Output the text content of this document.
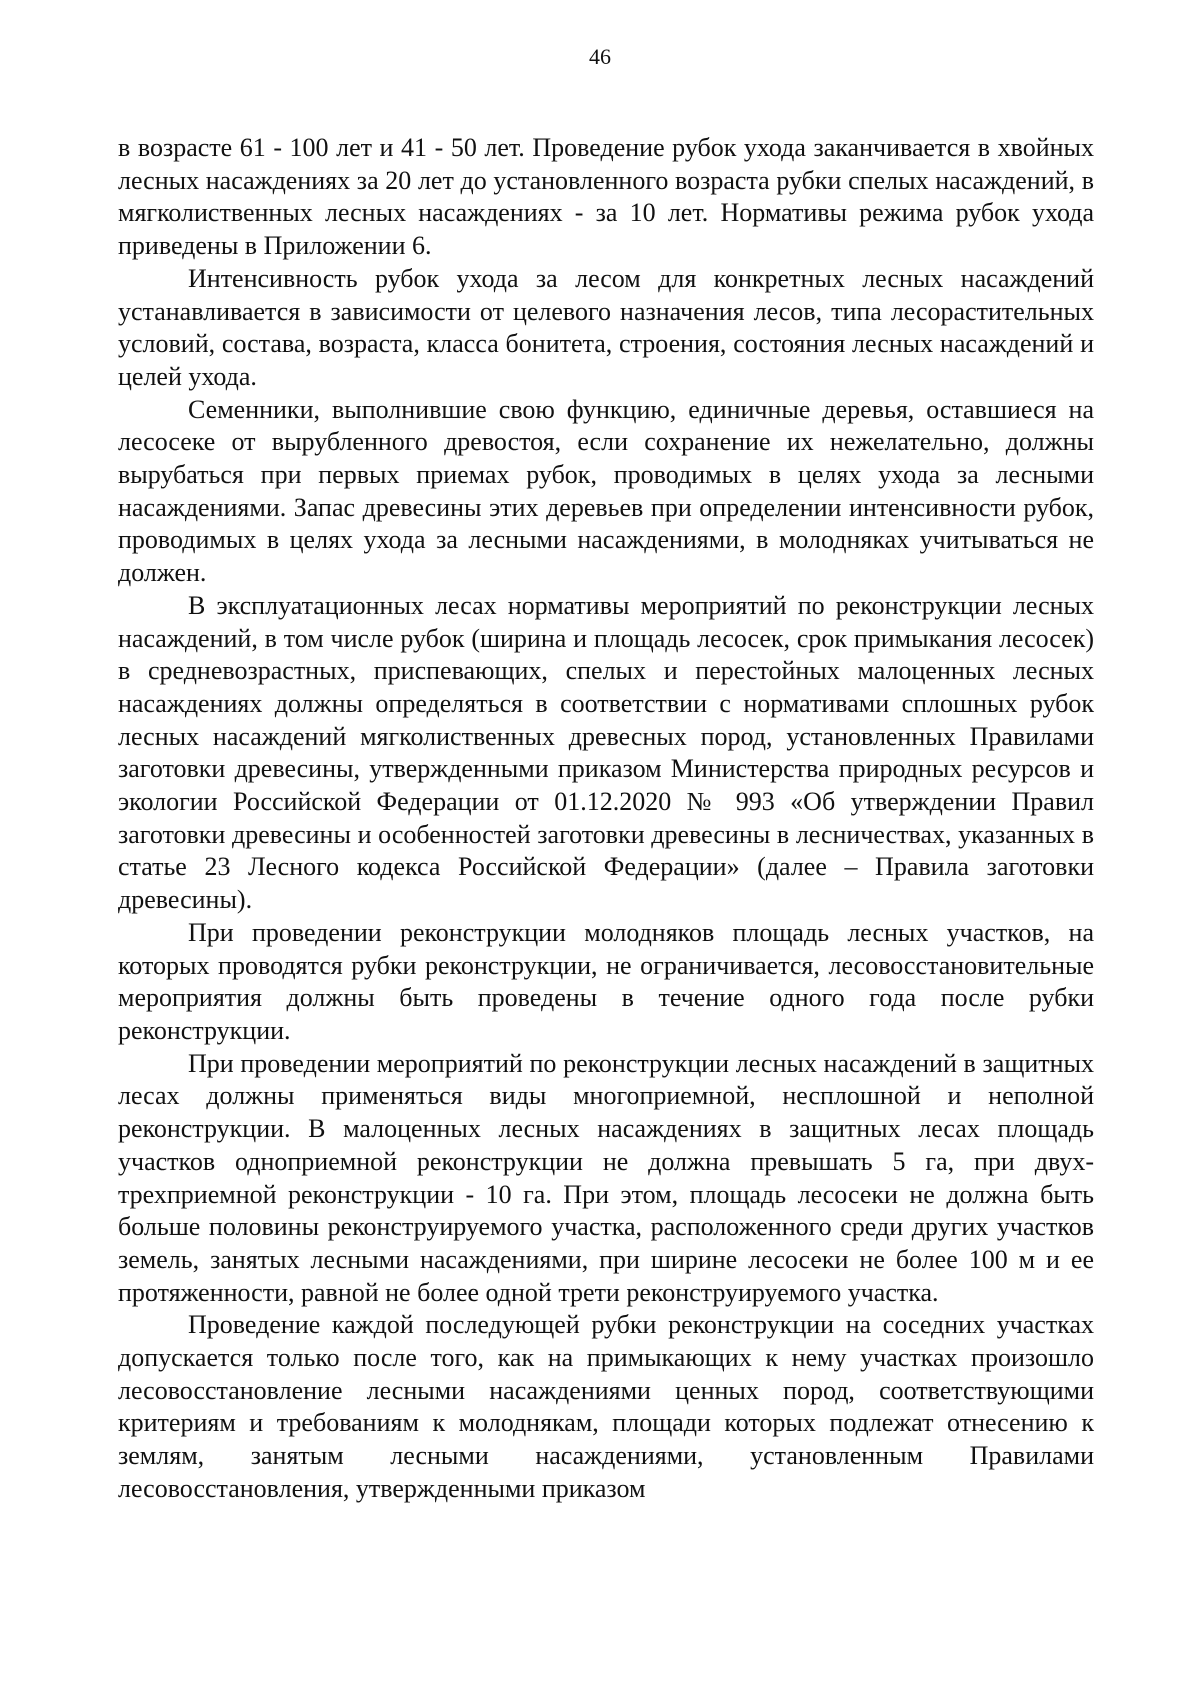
46

в возрасте 61 - 100 лет и 41 - 50 лет. Проведение рубок ухода заканчивается в хвойных лесных насаждениях за 20 лет до установленного возраста рубки спелых насаждений, в мягколиственных лесных насаждениях - за 10 лет. Нормативы режима рубок ухода приведены в Приложении 6.

Интенсивность рубок ухода за лесом для конкретных лесных насаждений устанавливается в зависимости от целевого назначения лесов, типа лесорастительных условий, состава, возраста, класса бонитета, строения, состояния лесных насаждений и целей ухода.

Семенники, выполнившие свою функцию, единичные деревья, оставшиеся на лесосеке от вырубленного древостоя, если сохранение их нежелательно, должны вырубаться при первых приемах рубок, проводимых в целях ухода за лесными насаждениями. Запас древесины этих деревьев при определении интенсивности рубок, проводимых в целях ухода за лесными насаждениями, в молодняках учитываться не должен.

В эксплуатационных лесах нормативы мероприятий по реконструкции лесных насаждений, в том числе рубок (ширина и площадь лесосек, срок примыкания лесосек) в средневозрастных, приспевающих, спелых и перестойных малоценных лесных насаждениях должны определяться в соответствии с нормативами сплошных рубок лесных насаждений мягколиственных древесных пород, установленных Правилами заготовки древесины, утвержденными приказом Министерства природных ресурсов и экологии Российской Федерации от 01.12.2020 № 993 «Об утверждении Правил заготовки древесины и особенностей заготовки древесины в лесничествах, указанных в статье 23 Лесного кодекса Российской Федерации» (далее – Правила заготовки древесины).

При проведении реконструкции молодняков площадь лесных участков, на которых проводятся рубки реконструкции, не ограничивается, лесовосстановительные мероприятия должны быть проведены в течение одного года после рубки реконструкции.

При проведении мероприятий по реконструкции лесных насаждений в защитных лесах должны применяться виды многоприемной, несплошной и неполной реконструкции. В малоценных лесных насаждениях в защитных лесах площадь участков одноприемной реконструкции не должна превышать 5 га, при двух-трехприемной реконструкции - 10 га. При этом, площадь лесосеки не должна быть больше половины реконструируемого участка, расположенного среди других участков земель, занятых лесными насаждениями, при ширине лесосеки не более 100 м и ее протяженности, равной не более одной трети реконструируемого участка.

Проведение каждой последующей рубки реконструкции на соседних участках допускается только после того, как на примыкающих к нему участках произошло лесовосстановление лесными насаждениями ценных пород, соответствующими критериям и требованиям к молоднякам, площади которых подлежат отнесению к землям, занятым лесными насаждениями, установленным Правилами лесовосстановления, утвержденными приказом
